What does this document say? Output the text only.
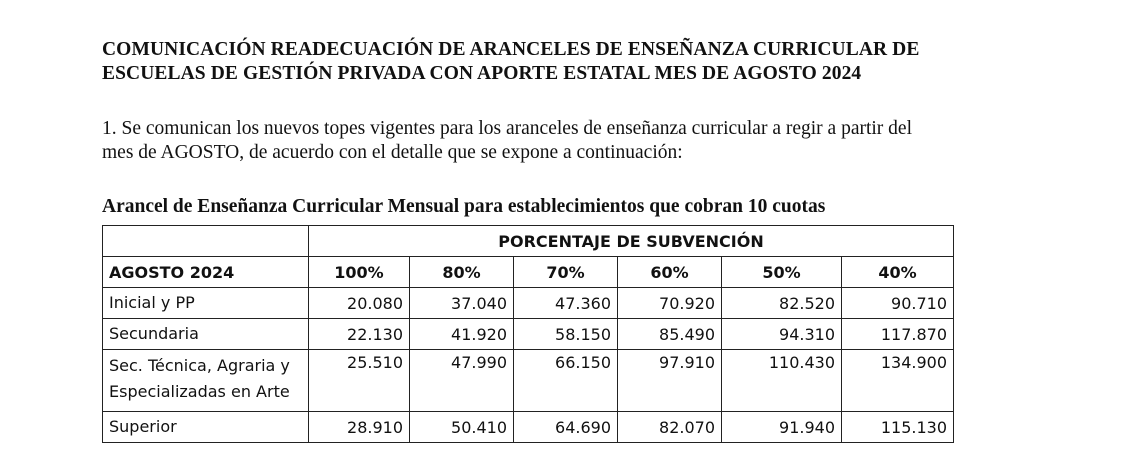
COMUNICACIÓN READECUACIÓN DE ARANCELES DE ENSEÑANZA CURRICULAR DE
ESCUELAS DE GESTIÓN PRIVADA CON APORTE ESTATAL MES DE AGOSTO 2024

1. Se comunican los nuevos topes vigentes para los aranceles de enseñanza curricular a regir a partir del
mes de AGOSTO, de acuerdo con el detalle que se expone a continuación:

Arancel de Enseñanza Curricular Mensual para establecimientos que cobran 10 cuotas

	PORCENTAJE DE SUBVENCIÓN					
AGOSTO 2024	100%	80%	70%	60%	50%	40%
Inicial y PP	20.080	37.040	47.360	70.920	82.520	90.710
Secundaria	22.130	41.920	58.150	85.490	94.310	117.870
Sec. Técnica, Agraria y
Especializadas en Arte	25.510	47.990	66.150	97.910	110.430	134.900
Superior	28.910	50.410	64.690	82.070	91.940	115.130
